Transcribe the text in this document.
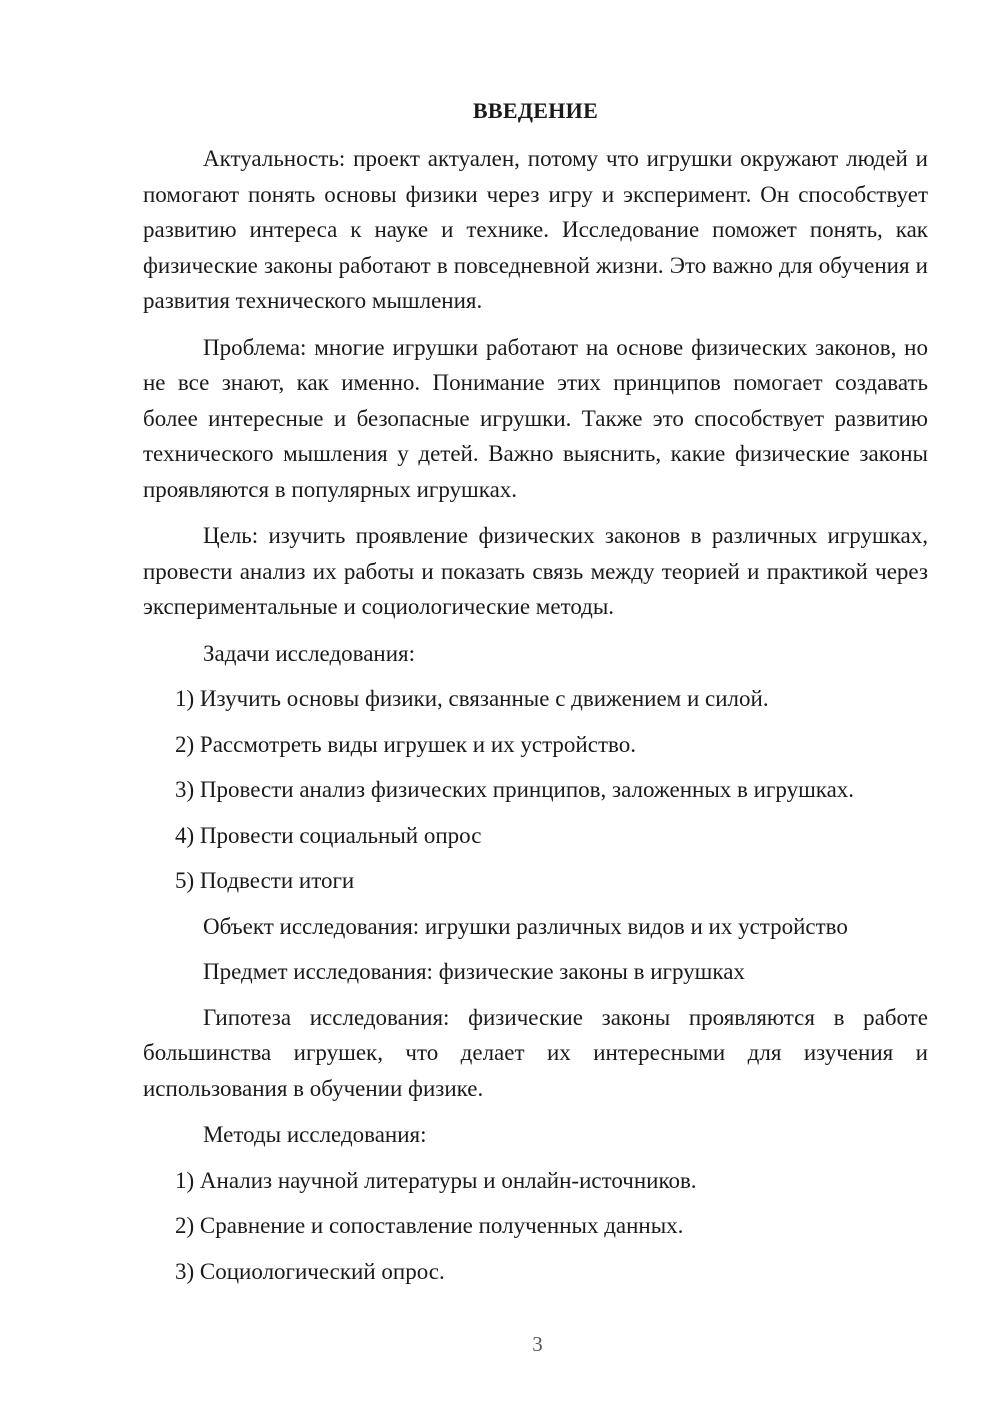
ВВЕДЕНИЕ

Актуальность: проект актуален, потому что игрушки окружают людей и помогают понять основы физики через игру и эксперимент. Он способствует развитию интереса к науке и технике. Исследование поможет понять, как физические законы работают в повседневной жизни. Это важно для обучения и развития технического мышления.

Проблема: многие игрушки работают на основе физических законов, но не все знают, как именно. Понимание этих принципов помогает создавать более интересные и безопасные игрушки. Также это способствует развитию технического мышления у детей. Важно выяснить, какие физические законы проявляются в популярных игрушках.

Цель: изучить проявление физических законов в различных игрушках, провести анализ их работы и показать связь между теорией и практикой через экспериментальные и социологические методы.

Задачи исследования:

1) Изучить основы физики, связанные с движением и силой.

2) Рассмотреть виды игрушек и их устройство.

3) Провести анализ физических принципов, заложенных в игрушках.

4) Провести социальный опрос

5) Подвести итоги

Объект исследования: игрушки различных видов и их устройство

Предмет исследования: физические законы в игрушках

Гипотеза исследования: физические законы проявляются в работе большинства игрушек, что делает их интересными для изучения и использования в обучении физике.

Методы исследования:

1) Анализ научной литературы и онлайн-источников.

2) Сравнение и сопоставление полученных данных.

3) Социологический опрос.

3
